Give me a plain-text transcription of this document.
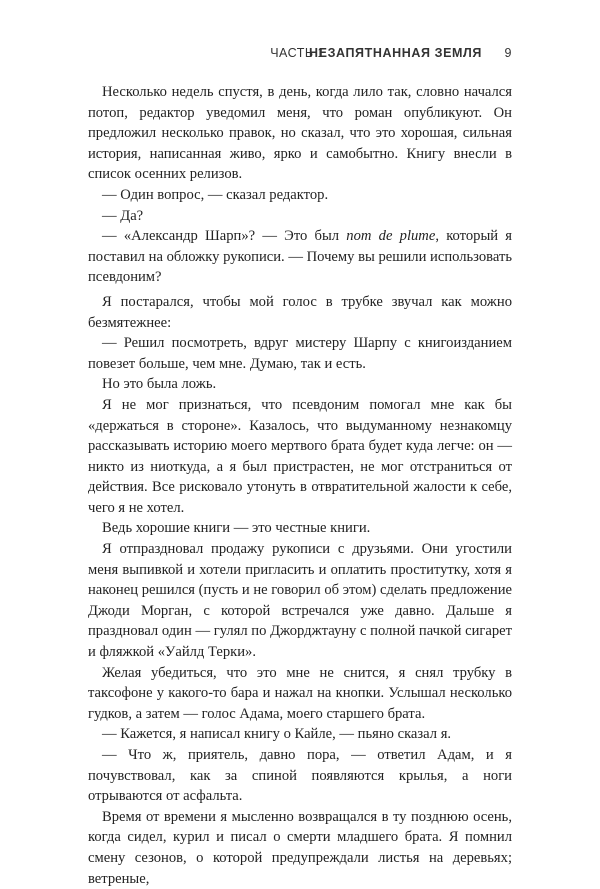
ЧАСТЬ 1
НЕЗАПЯТНАННАЯ ЗЕМЛЯ 9

Несколько недель спустя, в день, когда лило так, словно начался потоп, редактор уведомил меня, что роман опубликуют. Он предложил несколько правок, но сказал, что это хорошая, сильная история, написанная живо, ярко и самобытно. Книгу внесли в список осенних релизов.

— Один вопрос, — сказал редактор.

— Да?

— «Александр Шарп»? — Это был nom de plume, который я поставил на обложку рукописи. — Почему вы решили использовать псевдоним?

Я постарался, чтобы мой голос в трубке звучал как можно безмятежнее:

— Решил посмотреть, вдруг мистеру Шарпу с книгоизданием повезет больше, чем мне. Думаю, так и есть.

Но это была ложь.

Я не мог признаться, что псевдоним помогал мне как бы «держаться в стороне». Казалось, что выдуманному незнакомцу рассказывать историю моего мертвого брата будет куда легче: он — никто из ниоткуда, а я был пристрастен, не мог отстраниться от действия. Все рисковало утонуть в отвратительной жалости к себе, чего я не хотел.

Ведь хорошие книги — это честные книги.

Я отпраздновал продажу рукописи с друзьями. Они угостили меня выпивкой и хотели пригласить и оплатить проститутку, хотя я наконец решился (пусть и не говорил об этом) сделать предложение Джоди Морган, с которой встречался уже давно. Дальше я праздновал один — гулял по Джорджтауну с полной пачкой сигарет и фляжкой «Уайлд Терки».

Желая убедиться, что это мне не снится, я снял трубку в таксофоне у какого-то бара и нажал на кнопки. Услышал несколько гудков, а затем — голос Адама, моего старшего брата.

— Кажется, я написал книгу о Кайле, — пьяно сказал я.

— Что ж, приятель, давно пора, — ответил Адам, и я почувствовал, как за спиной появляются крылья, а ноги отрываются от асфальта.

Время от времени я мысленно возвращался в ту позднюю осень, когда сидел, курил и писал о смерти младшего брата. Я помнил смену сезонов, о которой предупреждали листья на деревьях; ветреные,
